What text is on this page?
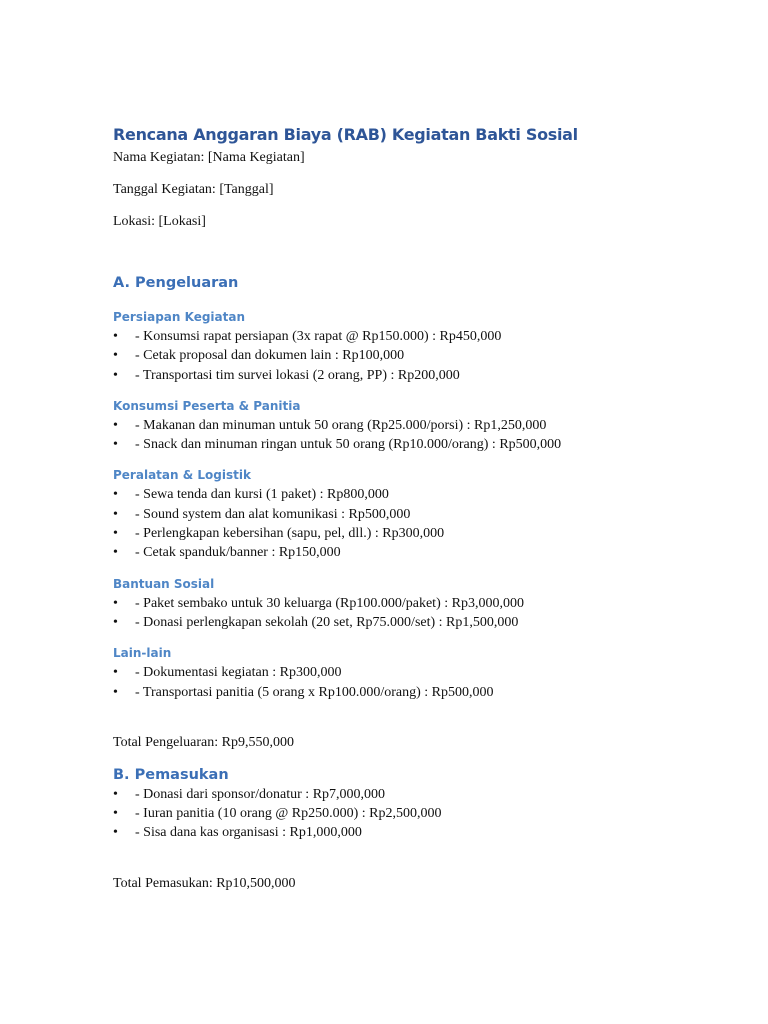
Rencana Anggaran Biaya (RAB) Kegiatan Bakti Sosial

Nama Kegiatan: [Nama Kegiatan]

Tanggal Kegiatan: [Tanggal]

Lokasi: [Lokasi]

A. Pengeluaran
Persiapan Kegiatan
•	- Konsumsi rapat persiapan (3x rapat @ Rp150.000) : Rp450,000
•	- Cetak proposal dan dokumen lain : Rp100,000
•	- Transportasi tim survei lokasi (2 orang, PP) : Rp200,000
Konsumsi Peserta & Panitia
•	- Makanan dan minuman untuk 50 orang (Rp25.000/porsi) : Rp1,250,000
•	- Snack dan minuman ringan untuk 50 orang (Rp10.000/orang) : Rp500,000
Peralatan & Logistik
•	- Sewa tenda dan kursi (1 paket) : Rp800,000
•	- Sound system dan alat komunikasi : Rp500,000
•	- Perlengkapan kebersihan (sapu, pel, dll.) : Rp300,000
•	- Cetak spanduk/banner : Rp150,000
Bantuan Sosial
•	- Paket sembako untuk 30 keluarga (Rp100.000/paket) : Rp3,000,000
•	- Donasi perlengkapan sekolah (20 set, Rp75.000/set) : Rp1,500,000
Lain-lain
•	- Dokumentasi kegiatan : Rp300,000
•	- Transportasi panitia (5 orang x Rp100.000/orang) : Rp500,000

Total Pengeluaran: Rp9,550,000

B. Pemasukan
•	- Donasi dari sponsor/donatur : Rp7,000,000
•	- Iuran panitia (10 orang @ Rp250.000) : Rp2,500,000
•	- Sisa dana kas organisasi : Rp1,000,000

Total Pemasukan: Rp10,500,000
